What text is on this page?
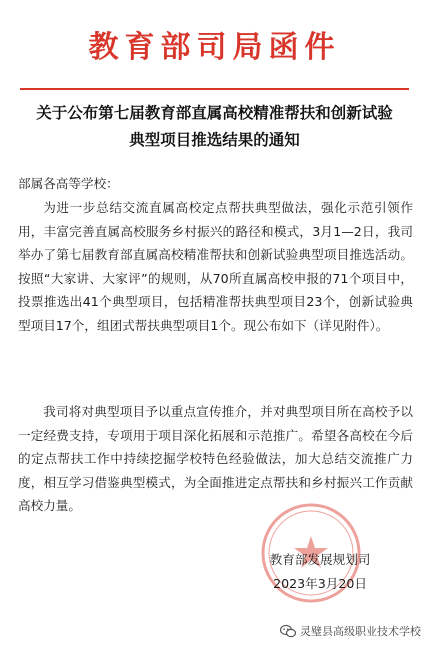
教育部司局函件
关于公布第七届教育部直属高校精准帮扶和创新试验
典型项目推选结果的通知
部属各高等学校：

为进一步总结交流直属高校定点帮扶典型做法，强化示范引领作用，丰富完善直属高校服务乡村振兴的路径和模式，3月1—2日，我司举办了第七届教育部直属高校精准帮扶和创新试验典型项目推选活动。按照“大家讲、大家评”的规则，从70所直属高校申报的71个项目中，投票推选出41个典型项目，包括精准帮扶典型项目23个，创新试验典型项目17个，组团式帮扶典型项目1个。现公布如下（详见附件）。

我司将对典型项目予以重点宣传推介，并对典型项目所在高校予以一定经费支持，专项用于项目深化拓展和示范推广。希望各高校在今后的定点帮扶工作中持续挖掘学校特色经验做法，加大总结交流推广力度，相互学习借鉴典型模式，为全面推进定点帮扶和乡村振兴工作贡献高校力量。

教育部发展规划司
2023年3月20日
灵璧县高级职业技术学校
